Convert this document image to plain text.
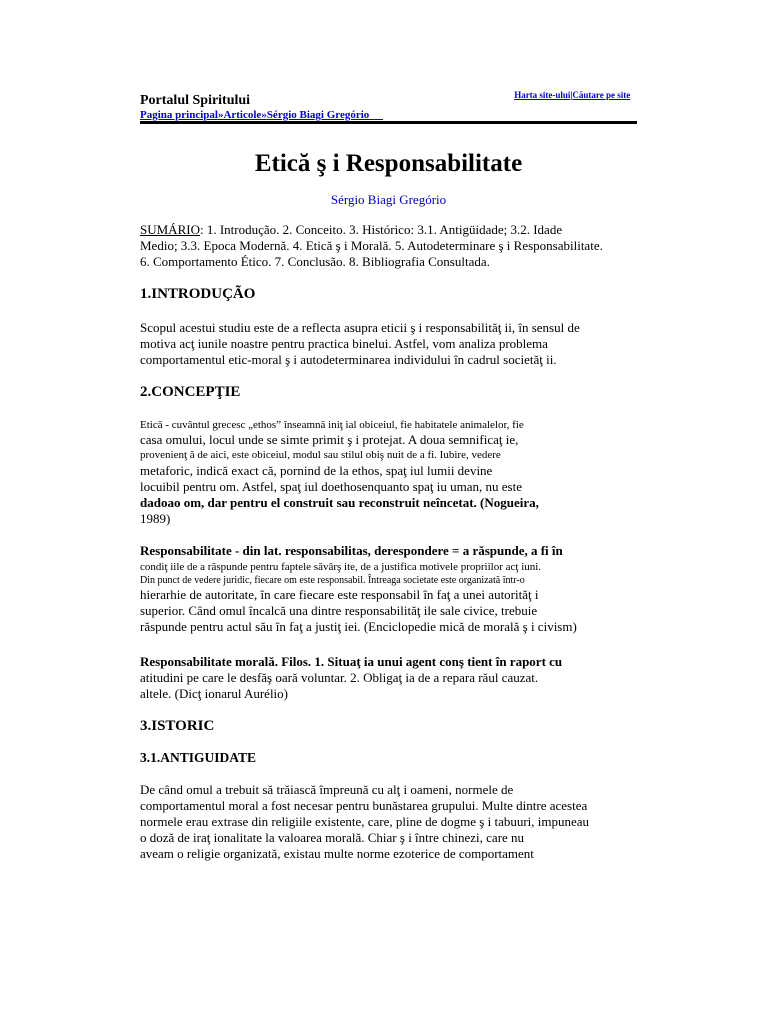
Portalul Spiritului	Harta site-ului|Căutare pe site
Pagina principal»Articole»Sérgio Biagi Gregório
Etică ş i Responsabilitate
Sérgio Biagi Gregório
SUMÁRIO: 1. Introdução. 2. Conceito. 3. Histórico: 3.1. Antigüidade; 3.2. Idade
Medio; 3.3. Epoca Modernă. 4. Etică ş i Morală. 5. Autodeterminare ş i Responsabilitate.
6. Comportamento Ético. 7. Conclusão. 8. Bibliografia Consultada.
1.INTRODUÇÃO
Scopul acestui studiu este de a reflecta asupra eticii ş i responsabilităţ ii, în sensul de
motiva acţ iunile noastre pentru practica binelui. Astfel, vom analiza problema
comportamentul etic-moral ş i autodeterminarea individului în cadrul societăţ ii.
2.CONCEPŢIE
Etică - cuvântul grecesc „ethos” înseamnă iniţ ial obiceiul, fie habitatele animalelor, fie
casa omului, locul unde se simte primit ş i protejat. A doua semnificaţ ie,
provenienţ ă de aici, este obiceiul, modul sau stilul obiş nuit de a fi. Iubire, vedere
metaforic, indică exact că, pornind de la ethos, spaţ iul lumii devine
locuibil pentru om. Astfel, spaţ iul doethosenquanto spaţ iu uman, nu este
dadoao om, dar pentru el construit sau reconstruit neîncetat. (Nogueira,
1989)
Responsabilitate - din lat. responsabilitas, derespondere = a răspunde, a fi în
condiţ iile de a răspunde pentru faptele săvârş ite, de a justifica motivele propriilor acţ iuni.
Din punct de vedere juridic, fiecare om este responsabil. Întreaga societate este organizată într-o
hierarhie de autoritate, în care fiecare este responsabil în faţ a unei autorităţ i
superior. Când omul încalcă una dintre responsabilităţ ile sale civice, trebuie
răspunde pentru actul său în faţ a justiţ iei. (Enciclopedie mică de morală ş i civism)
Responsabilitate morală. Filos. 1. Situaţ ia unui agent conş tient în raport cu
atitudini pe care le desfăş oară voluntar. 2. Obligaţ ia de a repara răul cauzat.
altele. (Dicţ ionarul Aurélio)
3.ISTORIC
3.1.ANTIGUIDATE
De când omul a trebuit să trăiască împreună cu alţ i oameni, normele de
comportamentul moral a fost necesar pentru bunăstarea grupului. Multe dintre acestea
normele erau extrase din religiile existente, care, pline de dogme ş i tabuuri, impuneau
o doză de iraţ ionalitate la valoarea morală. Chiar ş i între chinezi, care nu
aveam o religie organizată, existau multe norme ezoterice de comportament
